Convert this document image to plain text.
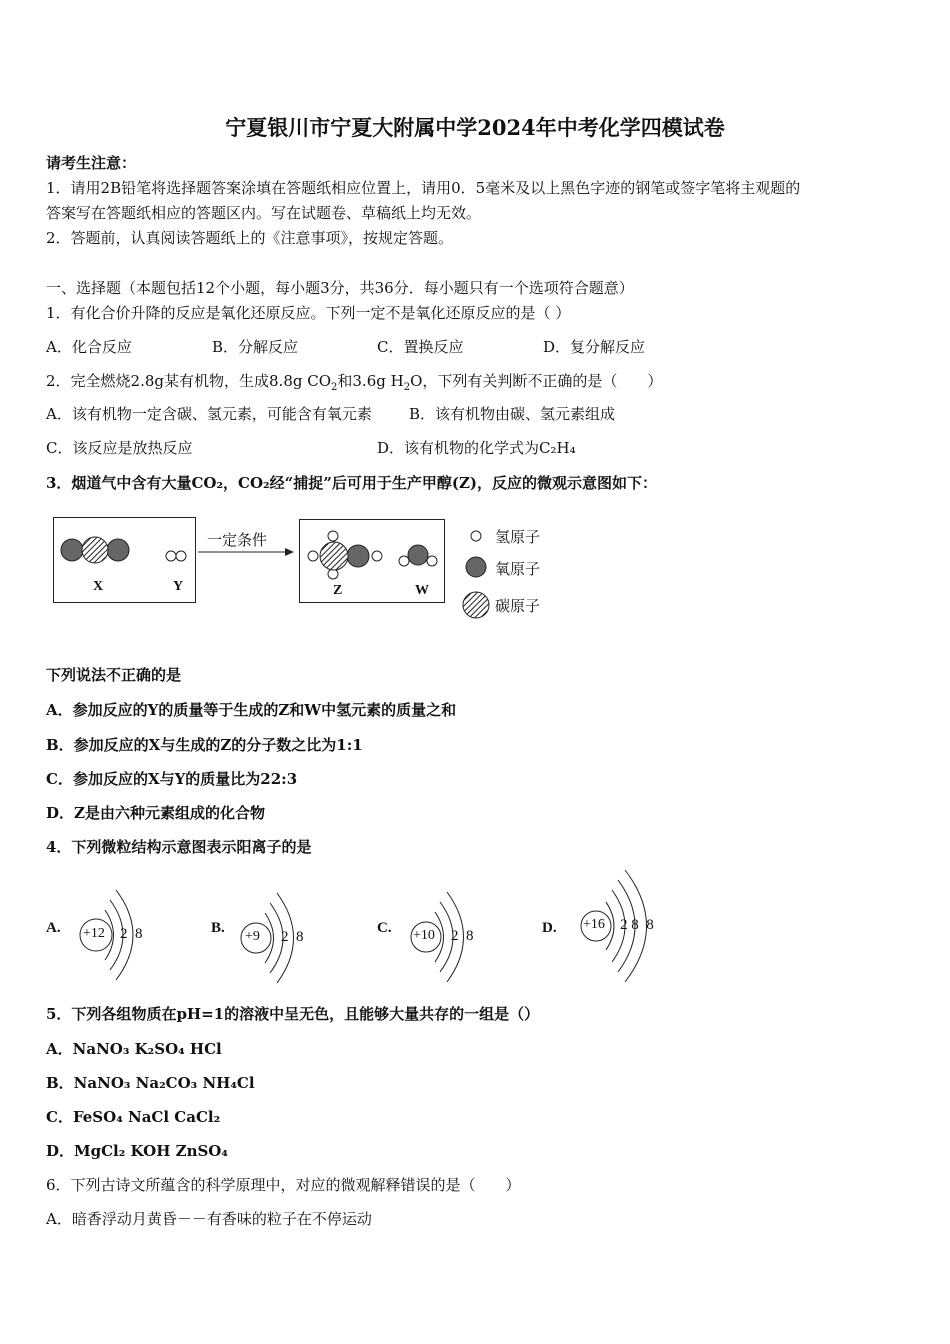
宁夏银川市宁夏大附属中学2024年中考化学四模试卷
请考生注意：
1．请用2B铅笔将选择题答案涂填在答题纸相应位置上，请用0．5毫米及以上黑色字迹的钢笔或签字笔将主观题的
答案写在答题纸相应的答题区内。写在试题卷、草稿纸上均无效。
2．答题前，认真阅读答题纸上的《注意事项》，按规定答题。
一、选择题（本题包括12个小题，每小题3分，共36分．每小题只有一个选项符合题意）
1．有化合价升降的反应是氧化还原反应。下列一定不是氧化还原反应的是（ ）
A．化合反应	B．分解反应	C．置换反应	D．复分解反应
2．完全燃烧2.8g某有机物，生成8.8g $CO_2$和3.6g $H_2O$，下列有关判断不正确的是（　　）
A．该有机物一定含碳、氢元素，可能含有氧元素 B．该有机物由碳、氢元素组成
C．该反应是放热反应	D．该有机物的化学式为C₂H₄
3．烟道气中含有大量CO₂，CO₂经“捕捉”后可用于生产甲醇(Z)，反应的微观示意图如下：
X	Y	Z	W
一定条件	氢原子
氧原子
碳原子
下列说法不正确的是
A．参加反应的Y的质量等于生成的Z和W中氢元素的质量之和
B．参加反应的X与生成的Z的分子数之比为1:1
C．参加反应的X与Y的质量比为22:3
D．Z是由六种元素组成的化合物
4．下列微粒结构示意图表示阳离子的是
A. +12 2  8	B.
+9 2  8
C. +10 2  8	D. +16 2 8  8
5．下列各组物质在pH=1的溶液中呈无色，且能够大量共存的一组是（）
A．NaNO₃ K₂SO₄ HCl
B．NaNO₃ Na₂CO₃ NH₄Cl
C．FeSO₄ NaCl CaCl₂
D．MgCl₂ KOH ZnSO₄
6．下列古诗文所蕴含的科学原理中，对应的微观解释错误的是（　　）
A．暗香浮动月黄昏－－有香味的粒子在不停运动
